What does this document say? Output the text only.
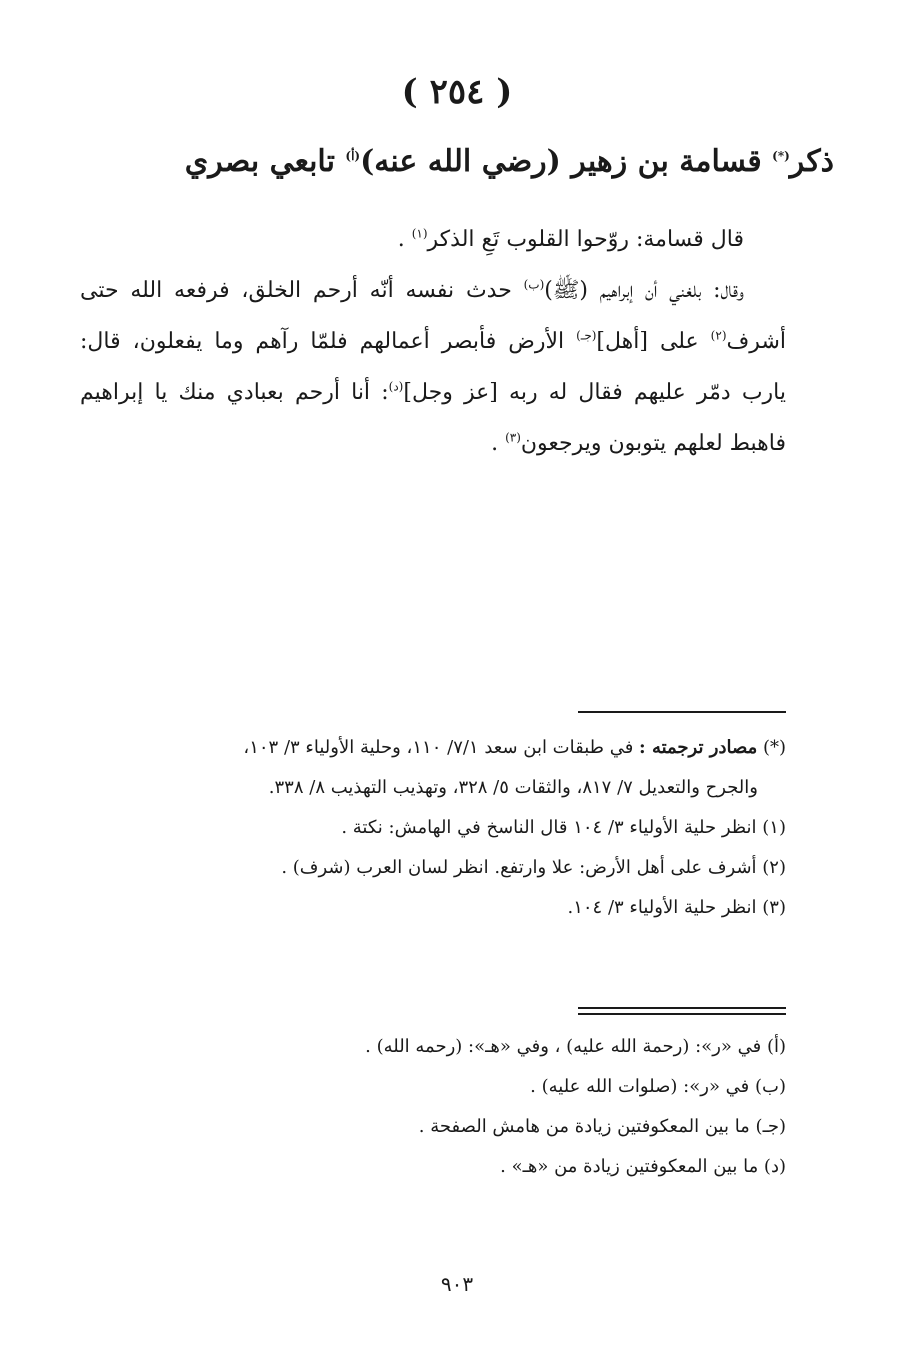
( ٢٥٤ )
ذكر(*) قسامة بن زهير (رضي الله عنه)$^{(أ)}$ تابعي بصري

قال قسامة: روّحوا القلوب تَعِ الذكر$^{(١)}$ .

وقال: بلغني أن إبراهيم (ﷺ)$^{(ب)}$ حدث نفسه أنّه أرحم الخلق، فرفعه الله حتى أشرف$^{(٢)}$ على [أهل]$^{(جـ)}$ الأرض فأبصر أعمالهم فلمّا رآهم وما يفعلون، قال: يارب دمّر عليهم فقال له ربه [عز وجل]$^{(د)}$: أنا أرحم بعبادي منك يا إبراهيم فاهبط لعلهم يتوبون ويرجعون$^{(٣)}$ .

(*) مصادر ترجمته : في طبقات ابن سعد ٧/١/ ١١٠، وحلية الأولياء ٣/ ١٠٣،

والجرح والتعديل ٧/ ٨١٧، والثقات ٥/ ٣٢٨، وتهذيب التهذيب ٨/ ٣٣٨.

(١) انظر حلية الأولياء ٣/ ١٠٤ قال الناسخ في الهامش: نكتة .

(٢) أشرف على أهل الأرض: علا وارتفع. انظر لسان العرب (شرف) .

(٣) انظر حلية الأولياء ٣/ ١٠٤.

(أ) في «ر»: (رحمة الله عليه) ، وفي «هـ»: (رحمه الله) .

(ب) في «ر»: (صلوات الله عليه) .

(جـ) ما بين المعكوفتين زيادة من هامش الصفحة .

(د) ما بين المعكوفتين زيادة من «هـ» .

٩٠٣
